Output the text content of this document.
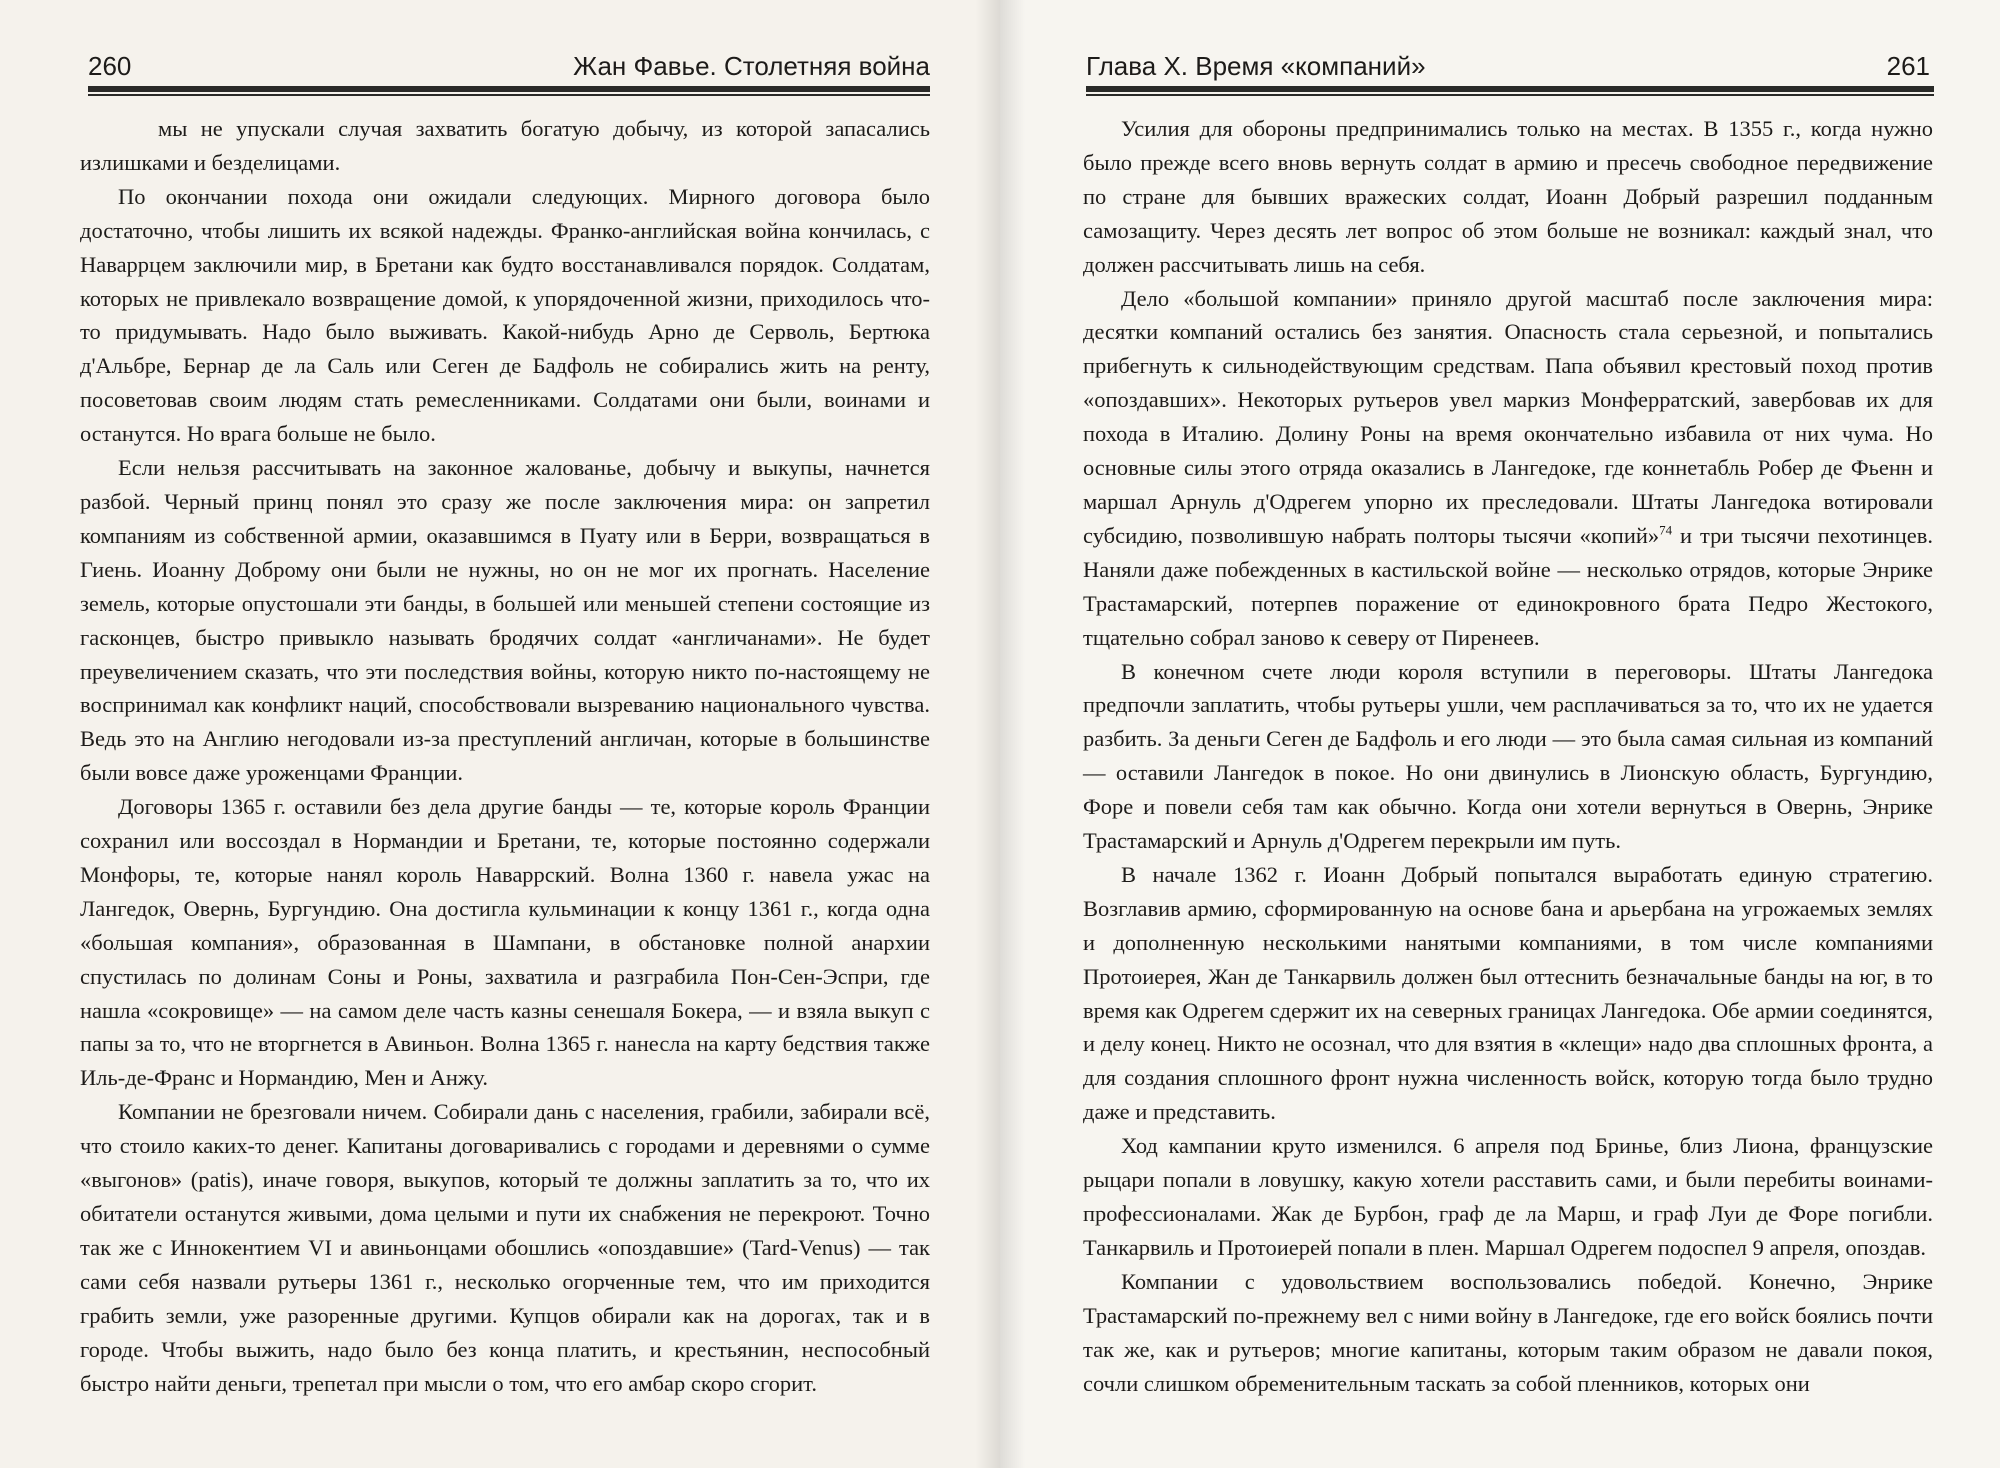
260	Жан Фавье. Столетняя война	Глава X. Время «компаний»	261

мы не упускали случая захватить богатую добычу, из которой запасались излишками и безделицами.

По окончании похода они ожидали следующих. Мирного договора было достаточно, чтобы лишить их всякой надежды. Франко-английская война кончилась, с Наваррцем заключили мир, в Бретани как будто восстанавливался порядок. Солдатам, которых не привлекало возвращение домой, к упорядоченной жизни, приходилось что-то придумывать. Надо было выживать. Какой-нибудь Арно де Серволь, Бертюка д'Альбре, Бернар де ла Саль или Сеген де Бадфоль не собирались жить на ренту, посоветовав своим людям стать ремесленниками. Солдатами они были, воинами и останутся. Но врага больше не было.

Если нельзя рассчитывать на законное жалованье, добычу и выкупы, начнется разбой. Черный принц понял это сразу же после заключения мира: он запретил компаниям из собственной армии, оказавшимся в Пуату или в Берри, возвращаться в Гиень. Иоанну Доброму они были не нужны, но он не мог их прогнать. Население земель, которые опустошали эти банды, в большей или меньшей степени состоящие из гасконцев, быстро привыкло называть бродячих солдат «англичанами». Не будет преувеличением сказать, что эти последствия войны, которую никто по-настоящему не воспринимал как конфликт наций, способствовали вызреванию национального чувства. Ведь это на Англию негодовали из-за преступлений англичан, которые в большинстве были вовсе даже уроженцами Франции.

Договоры 1365 г. оставили без дела другие банды — те, которые король Франции сохранил или воссоздал в Нормандии и Бретани, те, которые постоянно содержали Монфоры, те, которые нанял король Наваррский. Волна 1360 г. навела ужас на Лангедок, Овернь, Бургундию. Она достигла кульминации к концу 1361 г., когда одна «большая компания», образованная в Шампани, в обстановке полной анархии спустилась по долинам Соны и Роны, захватила и разграбила Пон-Сен-Эспри, где нашла «сокровище» — на самом деле часть казны сенешаля Бокера, — и взяла выкуп с папы за то, что не вторгнется в Авиньон. Волна 1365 г. нанесла на карту бедствия также Иль-де-Франс и Нормандию, Мен и Анжу.

Компании не брезговали ничем. Собирали дань с населения, грабили, забирали всё, что стоило каких-то денег. Капитаны договаривались с городами и деревнями о сумме «выгонов» (patis), иначе говоря, выкупов, который те должны заплатить за то, что их обитатели останутся живыми, дома целыми и пути их снабжения не перекроют. Точно так же с Иннокентием VI и авиньонцами обошлись «опоздавшие» (Tard-Venus) — так сами себя назвали рутьеры 1361 г., несколько огорченные тем, что им приходится грабить земли, уже разоренные другими. Купцов обирали как на дорогах, так и в городе. Чтобы выжить, надо было без конца платить, и крестьянин, неспособный быстро найти деньги, трепетал при мысли о том, что его амбар скоро сгорит.

Усилия для обороны предпринимались только на местах. В 1355 г., когда нужно было прежде всего вновь вернуть солдат в армию и пресечь свободное передвижение по стране для бывших вражеских солдат, Иоанн Добрый разрешил подданным самозащиту. Через десять лет вопрос об этом больше не возникал: каждый знал, что должен рассчитывать лишь на себя.

Дело «большой компании» приняло другой масштаб после заключения мира: десятки компаний остались без занятия. Опасность стала серьезной, и попытались прибегнуть к сильнодействующим средствам. Папа объявил крестовый поход против «опоздавших». Некоторых рутьеров увел маркиз Монферратский, завербовав их для похода в Италию. Долину Роны на время окончательно избавила от них чума. Но основные силы этого отряда оказались в Лангедоке, где коннетабль Робер де Фьенн и маршал Арнуль д'Одрегем упорно их преследовали. Штаты Лангедока вотировали субсидию, позволившую набрать полторы тысячи «копий»$^{74}$ и три тысячи пехотинцев. Наняли даже побежденных в кастильской войне — несколько отрядов, которые Энрике Трастамарский, потерпев поражение от единокровного брата Педро Жестокого, тщательно собрал заново к северу от Пиренеев.

В конечном счете люди короля вступили в переговоры. Штаты Лангедока предпочли заплатить, чтобы рутьеры ушли, чем расплачиваться за то, что их не удается разбить. За деньги Сеген де Бадфоль и его люди — это была самая сильная из компаний — оставили Лангедок в покое. Но они двинулись в Лионскую область, Бургундию, Форе и повели себя там как обычно. Когда они хотели вернуться в Овернь, Энрике Трастамарский и Арнуль д'Одрегем перекрыли им путь.

В начале 1362 г. Иоанн Добрый попытался выработать единую стратегию. Возглавив армию, сформированную на основе бана и арьербана на угрожаемых землях и дополненную несколькими нанятыми компаниями, в том числе компаниями Протоиерея, Жан де Танкарвиль должен был оттеснить безначальные банды на юг, в то время как Одрегем сдержит их на северных границах Лангедока. Обе армии соединятся, и делу конец. Никто не осознал, что для взятия в «клещи» надо два сплошных фронта, а для создания сплошного фронт нужна численность войск, которую тогда было трудно даже и представить.

Ход кампании круто изменился. 6 апреля под Бринье, близ Лиона, французские рыцари попали в ловушку, какую хотели расставить сами, и были перебиты воинами-профессионалами. Жак де Бурбон, граф де ла Марш, и граф Луи де Форе погибли. Танкарвиль и Протоиерей попали в плен. Маршал Одрегем подоспел 9 апреля, опоздав.

Компании с удовольствием воспользовались победой. Конечно, Энрике Трастамарский по-прежнему вел с ними войну в Лангедоке, где его войск боялись почти так же, как и рутьеров; многие капитаны, которым таким образом не давали покоя, сочли слишком обременительным таскать за собой пленников, которых они
